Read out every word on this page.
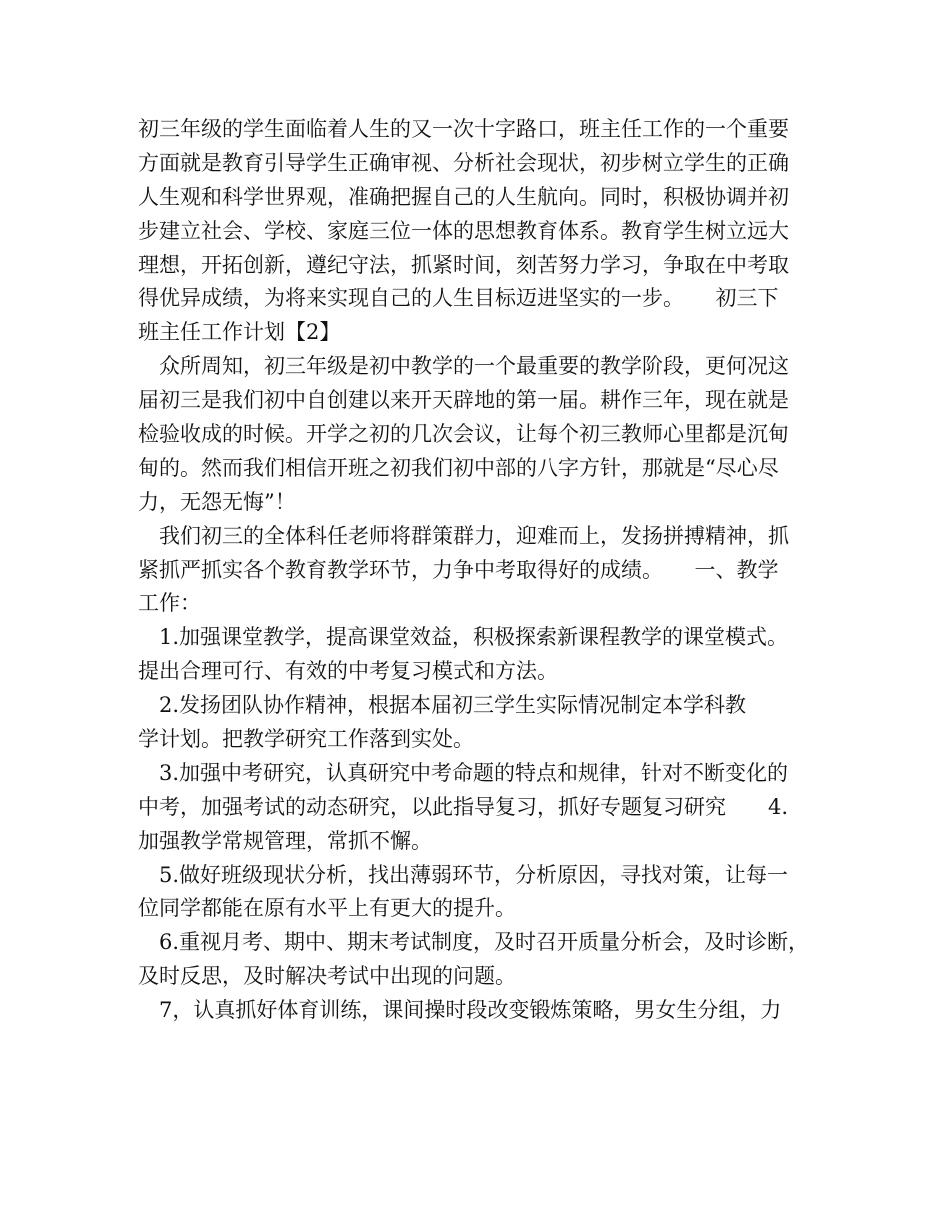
初三年级的学生面临着人生的又一次十字路口，班主任工作的一个重要
方面就是教育引导学生正确审视、分析社会现状，初步树立学生的正确
人生观和科学世界观，准确把握自己的人生航向。同时，积极协调并初
步建立社会、学校、家庭三位一体的思想教育体系。教育学生树立远大
理想，开拓创新，遵纪守法，抓紧时间，刻苦努力学习，争取在中考取
得优异成绩，为将来实现自己的人生目标迈进坚实的一步。　　初三下
班主任工作计划【2】
　众所周知，初三年级是初中教学的一个最重要的教学阶段，更何况这
届初三是我们初中自创建以来开天辟地的第一届。耕作三年，现在就是
检验收成的时候。开学之初的几次会议，让每个初三教师心里都是沉甸
甸的。然而我们相信开班之初我们初中部的八字方针，那就是“尽心尽
力，无怨无悔”！
　我们初三的全体科任老师将群策群力，迎难而上，发扬拼搏精神，抓
紧抓严抓实各个教育教学环节，力争中考取得好的成绩。　　一、教学
工作：
　1.加强课堂教学，提高课堂效益，积极探索新课程教学的课堂模式。
提出合理可行、有效的中考复习模式和方法。
　2.发扬团队协作精神，根据本届初三学生实际情况制定本学科教
学计划。把教学研究工作落到实处。
　3.加强中考研究，认真研究中考命题的特点和规律，针对不断变化的
中考，加强考试的动态研究，以此指导复习，抓好专题复习研究　　4.
加强教学常规管理，常抓不懈。
　5.做好班级现状分析，找出薄弱环节，分析原因，寻找对策，让每一
位同学都能在原有水平上有更大的提升。
　6.重视月考、期中、期末考试制度，及时召开质量分析会，及时诊断，
及时反思，及时解决考试中出现的问题。
　7，认真抓好体育训练，课间操时段改变锻炼策略，男女生分组，力
